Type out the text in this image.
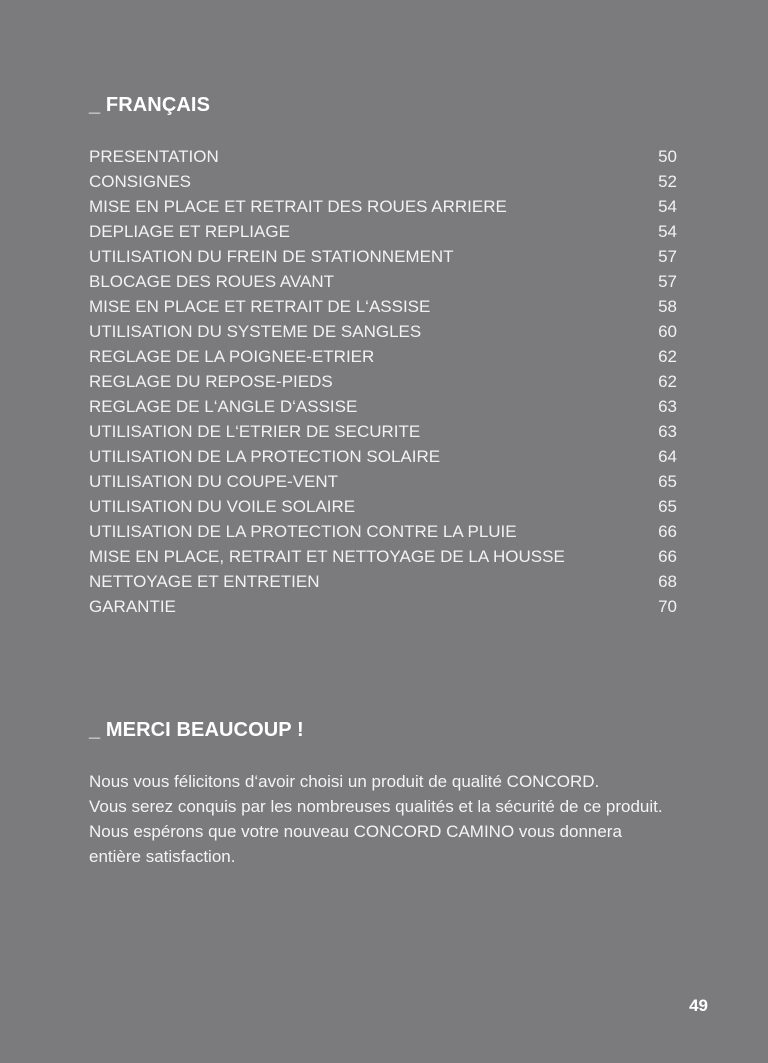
_ FRANÇAIS
PRESENTATION	50
CONSIGNES	52
MISE EN PLACE ET RETRAIT DES ROUES ARRIERE	54
DEPLIAGE ET REPLIAGE	54
UTILISATION DU FREIN DE STATIONNEMENT	57
BLOCAGE DES ROUES AVANT	57
MISE EN PLACE ET RETRAIT DE L‘ASSISE	58
UTILISATION DU SYSTEME DE SANGLES	60
REGLAGE DE LA POIGNEE-ETRIER	62
REGLAGE DU REPOSE-PIEDS	62
REGLAGE DE L‘ANGLE D‘ASSISE	63
UTILISATION DE L‘ETRIER DE SECURITE	63
UTILISATION DE LA PROTECTION SOLAIRE	64
UTILISATION DU COUPE-VENT	65
UTILISATION DU VOILE SOLAIRE	65
UTILISATION DE LA PROTECTION CONTRE LA PLUIE	66
MISE EN PLACE, RETRAIT ET NETTOYAGE DE LA HOUSSE	66
NETTOYAGE ET ENTRETIEN	68
GARANTIE	70
_ MERCI BEAUCOUP !

Nous vous félicitons d‘avoir choisi un produit de qualité CONCORD.

Vous serez conquis par les nombreuses qualités et la sécurité de ce produit.

Nous espérons que votre nouveau CONCORD CAMINO vous donnera

entière satisfaction.

49
